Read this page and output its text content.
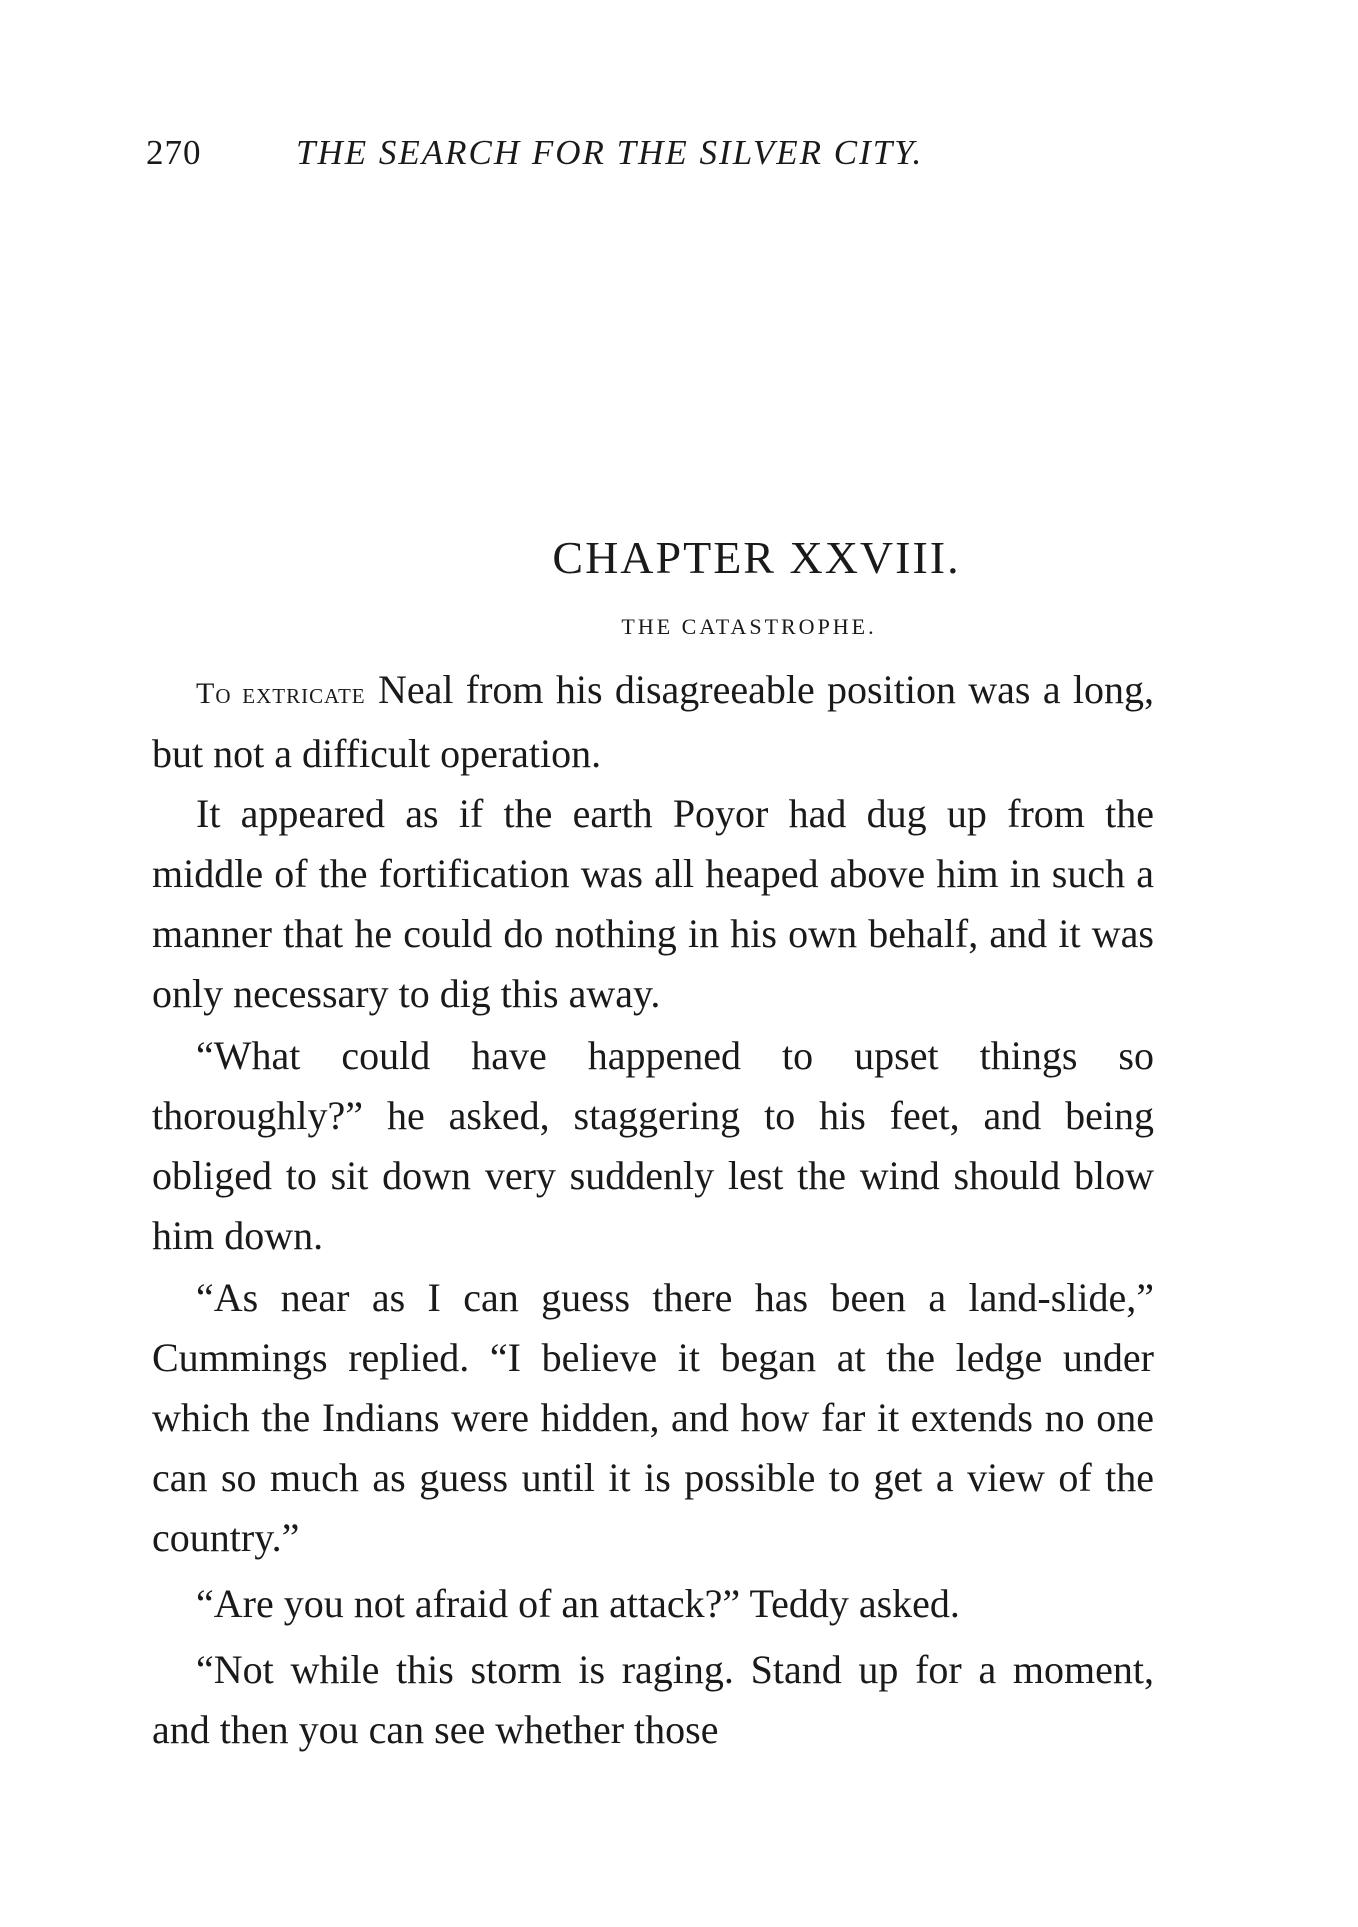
270	THE SEARCH FOR THE SILVER CITY.
CHAPTER XXVIII.
THE CATASTROPHE.

To extricate Neal from his disagreeable position was a long, but not a difficult operation.

It appeared as if the earth Poyor had dug up from the middle of the fortification was all heaped above him in such a manner that he could do nothing in his own behalf, and it was only necessary to dig this away.

“What could have happened to upset things so thoroughly?” he asked, staggering to his feet, and being obliged to sit down very suddenly lest the wind should blow him down.

“As near as I can guess there has been a land-slide,” Cummings replied. “I believe it began at the ledge under which the Indians were hidden, and how far it extends no one can so much as guess until it is possible to get a view of the country.”

“Are you not afraid of an attack?” Teddy asked.

“Not while this storm is raging. Stand up for a moment, and then you can see whether those
